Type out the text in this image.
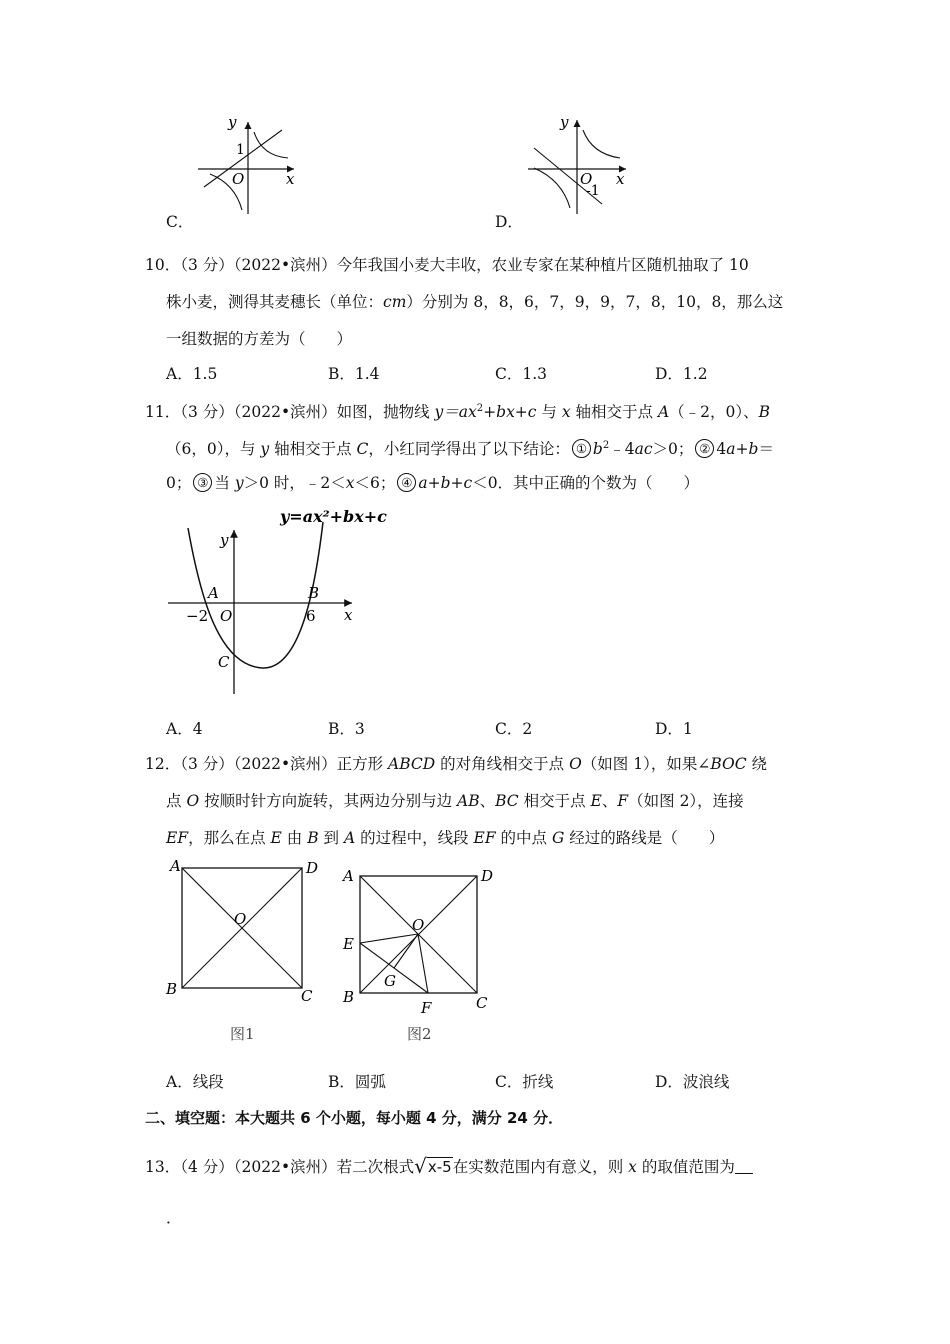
y
x
O
1
C．
y
x
O
-1
D．
10．（3 分）（2022•滨州）今年我国小麦大丰收，农业专家在某种植片区随机抽取了 10
株小麦，测得其麦穗长（单位：cm）分别为 8，8，6，7，9，9，7，8，10，8，那么这
一组数据的方差为（　　）
A．1.5	B．1.4	C．1.3	D．1.2
11．（3 分）（2022•滨州）如图，抛物线 $y=ax^2+bx+c$ 与 x 轴相交于点 A（﹣2，0）、B
（6，0），与 y 轴相交于点 C，小红同学得出了以下结论： ① $b^2﹣4ac>0$； ② 4a+b＝
0； ③ 当 y＞0 时，﹣2＜x＜6； ④ a+b+c＜0．其中正确的个数为（　　）
y=ax²+bx+c
y
x
A	B
C
O
−2	6
A．4	B．3	C．2	D．1
12．（3 分）（2022•滨州）正方形 ABCD 的对角线相交于点 O（如图 1），如果∠BOC 绕
点 O 按顺时针方向旋转，其两边分别与边 AB、BC 相交于点 E、F（如图 2），连接
EF，那么在点 E 由 B 到 A 的过程中，线段 EF 的中点 G 经过的路线是（　　）
A	D
B	C
O
图1
A	D
B	C
O
E
F
G
图2
A．线段	B．圆弧	C．折线	D．波浪线
二、填空题：本大题共 6 个小题，每小题 4 分，满分 24 分．
13．（4 分）（2022•滨州）若二次根式√x-5在实数范围内有意义，则 x 的取值范围为
．
